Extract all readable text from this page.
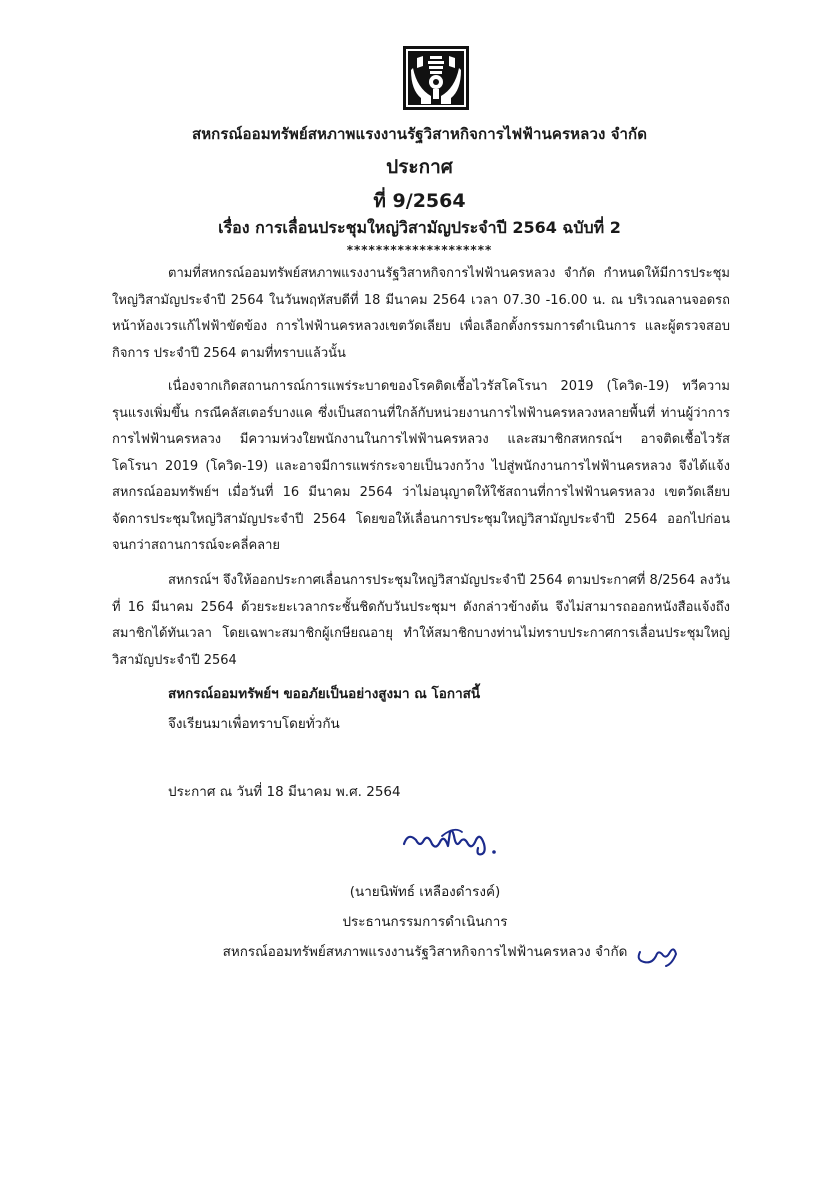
สหกรณ์ออมทรัพย์สหภาพแรงงานรัฐวิสาหกิจการไฟฟ้านครหลวง จำกัด
ประกาศ
ที่ 9/2564
เรื่อง การเลื่อนประชุมใหญ่วิสามัญประจำปี 2564 ฉบับที่ 2
********************

ตามที่สหกรณ์ออมทรัพย์สหภาพแรงงานรัฐวิสาหกิจการไฟฟ้านครหลวง จำกัด กำหนดให้มีการประชุมใหญ่วิสามัญประจำปี 2564 ในวันพฤหัสบดีที่ 18 มีนาคม 2564 เวลา 07.30 -16.00 น. ณ บริเวณลานจอดรถหน้าห้องเวรแก้ไฟฟ้าขัดข้อง การไฟฟ้านครหลวงเขตวัดเลียบ เพื่อเลือกตั้งกรรมการดำเนินการ และผู้ตรวจสอบกิจการ ประจำปี 2564 ตามที่ทราบแล้วนั้น

เนื่องจากเกิดสถานการณ์การแพร่ระบาดของโรคติดเชื้อไวรัสโคโรนา 2019 (โควิด-19) ทวีความรุนแรงเพิ่มขึ้น กรณีคลัสเตอร์บางแค ซึ่งเป็นสถานที่ใกล้กับหน่วยงานการไฟฟ้านครหลวงหลายพื้นที่ ท่านผู้ว่าการ การไฟฟ้านครหลวง มีความห่วงใยพนักงานในการไฟฟ้านครหลวง และสมาชิกสหกรณ์ฯ อาจติดเชื้อไวรัสโคโรนา 2019 (โควิด-19) และอาจมีการแพร่กระจายเป็นวงกว้าง ไปสู่พนักงานการไฟฟ้านครหลวง จึงได้แจ้งสหกรณ์ออมทรัพย์ฯ เมื่อวันที่ 16 มีนาคม 2564 ว่าไม่อนุญาตให้ใช้สถานที่การไฟฟ้านครหลวง เขตวัดเลียบ จัดการประชุมใหญ่วิสามัญประจำปี 2564 โดยขอให้เลื่อนการประชุมใหญ่วิสามัญประจำปี 2564 ออกไปก่อน จนกว่าสถานการณ์จะคลี่คลาย

สหกรณ์ฯ จึงให้ออกประกาศเลื่อนการประชุมใหญ่วิสามัญประจำปี 2564 ตามประกาศที่ 8/2564 ลงวันที่ 16 มีนาคม 2564 ด้วยระยะเวลากระชั้นชิดกับวันประชุมฯ ดังกล่าวข้างต้น จึงไม่สามารถออกหนังสือแจ้งถึงสมาชิกได้ทันเวลา โดยเฉพาะสมาชิกผู้เกษียณอายุ ทำให้สมาชิกบางท่านไม่ทราบประกาศการเลื่อนประชุมใหญ่วิสามัญประจำปี 2564

สหกรณ์ออมทรัพย์ฯ ขออภัยเป็นอย่างสูงมา ณ โอกาสนี้

จึงเรียนมาเพื่อทราบโดยทั่วกัน

ประกาศ ณ วันที่ 18 มีนาคม พ.ศ. 2564

(นายนิพัทธ์ เหลืองดำรงค์)
ประธานกรรมการดำเนินการ
สหกรณ์ออมทรัพย์สหภาพแรงงานรัฐวิสาหกิจการไฟฟ้านครหลวง จำกัด
